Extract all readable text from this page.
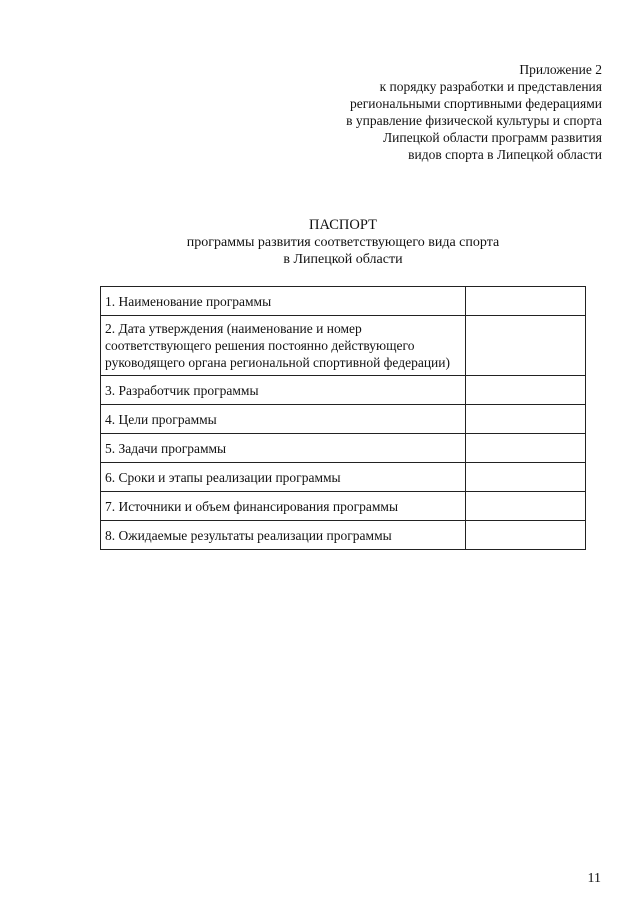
Приложение 2
к порядку разработки и представления
региональными спортивными федерациями
в управление физической культуры и спорта
Липецкой области программ развития
видов спорта в Липецкой области
ПАСПОРТ
программы развития соответствующего вида спорта
в Липецкой области
1. Наименование программы	
2. Дата утверждения (наименование и номер соответствующего решения постоянно действующего руководящего органа региональной спортивной федерации)	
3. Разработчик программы	
4. Цели программы	
5. Задачи программы	
6. Сроки и этапы реализации программы	
7. Источники и объем финансирования программы	
8. Ожидаемые результаты реализации программы	
11
